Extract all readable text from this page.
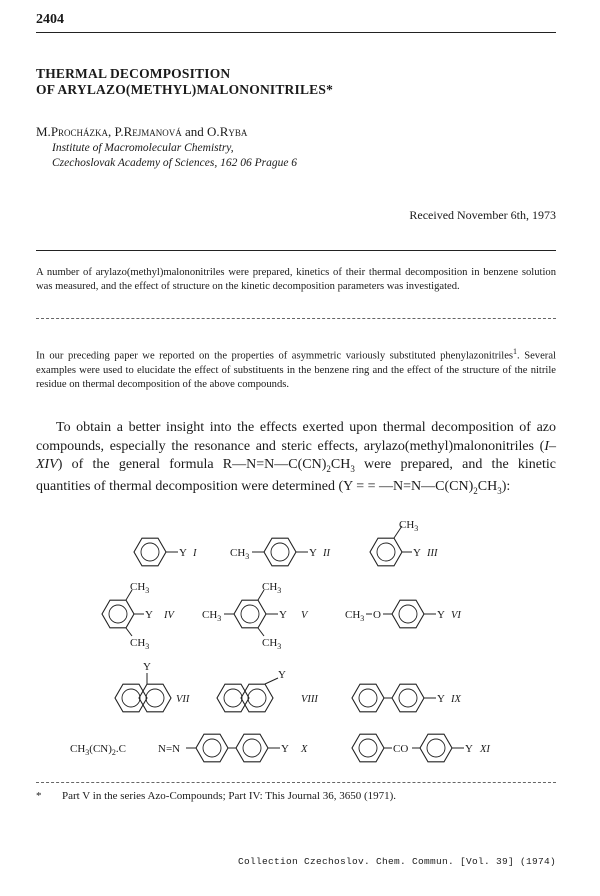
2404
THERMAL DECOMPOSITION
OF ARYLAZO(METHYL)MALONONITRILES*
M.Procházka, P.Rejmanová and O.Ryba
Institute of Macromolecular Chemistry,
Czechoslovak Academy of Sciences, 162 06 Prague 6
Received November 6th, 1973
A number of arylazo(methyl)malononitriles were prepared, kinetics of their thermal decomposition in benzene solution was measured, and the effect of structure on the kinetic decomposition parameters was investigated.
In our preceding paper we reported on the properties of asymmetric variously substituted phenylazonitriles$^1$. Several examples were used to elucidate the effect of substituents in the benzene ring and the effect of the structure of the nitrile residue on thermal decomposition of the above compounds.
To obtain a better insight into the effects exerted upon thermal decomposition of azo compounds, especially the resonance and steric effects, arylazo(methyl)malononitriles (I–XIV) of the general formula $R—N=N—C(CN)_2CH_3$ were prepared, and the kinetic quantities of thermal decomposition were determined (Y = = $—N=N—C(CN)_2CH_3$):
Y I	$CH_3$	Y II
$CH_3$
Y III
$CH_3$
$CH_3$
Y IV	$CH_3$
$CH_3$
$CH_3$
Y V	$CH_3$ O	Y VI
Y
VII
Y
VIII	Y IX
$CH_3(CN)_2.C$	N=N	Y X	CO	Y XI
* Part V in the series Azo-Compounds; Part IV: This Journal 36, 3650 (1971).
Collection Czechoslov. Chem. Commun. [Vol. 39] (1974)
